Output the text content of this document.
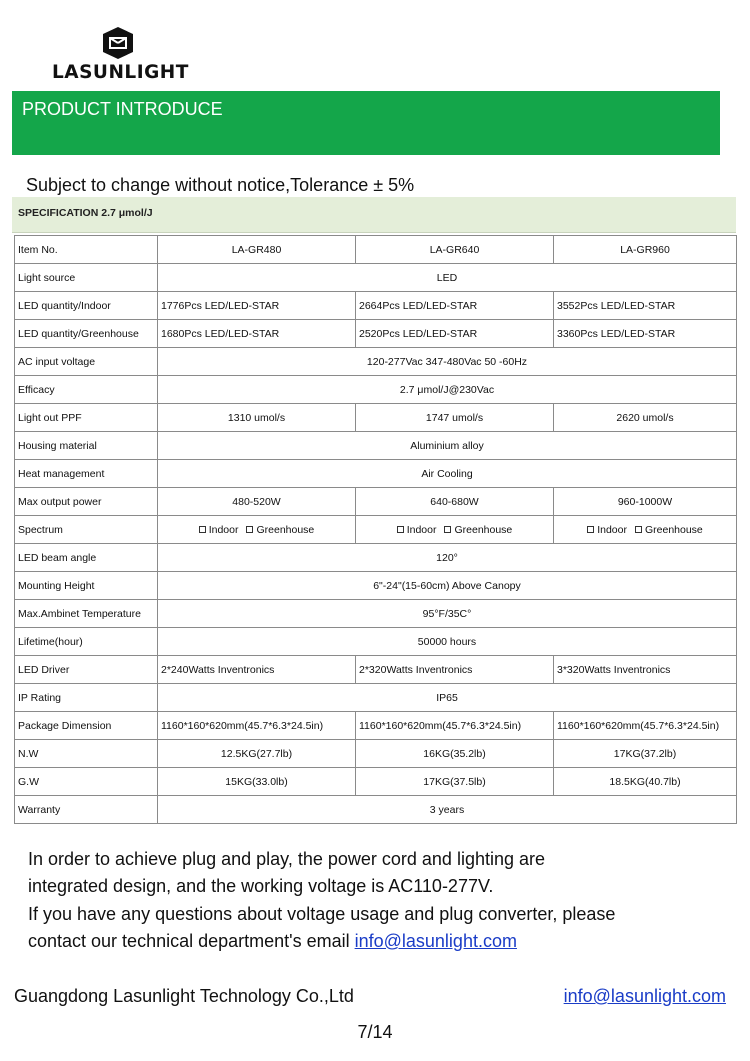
LASUNLIGHT
PRODUCT INTRODUCE
Subject to change without notice,Tolerance ± 5%
SPECIFICATION 2.7 μmol/J
Item No.	LA-GR480	LA-GR640	LA-GR960
Light source	LED		
LED quantity/Indoor	1776Pcs LED/LED-STAR	2664Pcs LED/LED-STAR	3552Pcs LED/LED-STAR
LED quantity/Greenhouse	1680Pcs LED/LED-STAR	2520Pcs LED/LED-STAR	3360Pcs LED/LED-STAR
AC input voltage	120-277Vac 347-480Vac 50 -60Hz		
Efficacy	2.7 μmol/J@230Vac		
Light out PPF	1310 umol/s	1747 umol/s	2620 umol/s
Housing material	Aluminium alloy		
Heat management	Air Cooling		
Max output power	480-520W	640-680W	960-1000W
Spectrum	Indoor Greenhouse	Indoor Greenhouse	Indoor Greenhouse
LED beam angle	120°		
Mounting Height	6"-24"(15-60cm) Above Canopy		
Max.Ambinet Temperature	95°F/35C°		
Lifetime(hour)	50000 hours		
LED Driver	2*240Watts Inventronics	2*320Watts Inventronics	3*320Watts Inventronics
IP Rating	IP65		
Package Dimension	1160*160*620mm(45.7*6.3*24.5in)	1160*160*620mm(45.7*6.3*24.5in)	1160*160*620mm(45.7*6.3*24.5in)
N.W	12.5KG(27.7lb)	16KG(35.2lb)	17KG(37.2lb)
G.W	15KG(33.0lb)	17KG(37.5lb)	18.5KG(40.7lb)
Warranty	3 years		

In order to achieve plug and play, the power cord and lighting are

integrated design, and the working voltage is AC110-277V.

If you have any questions about voltage usage and plug converter, please

contact our technical department's email info@lasunlight.com

Guangdong Lasunlight Technology Co.,Ltd	info@lasunlight.com
7/14
